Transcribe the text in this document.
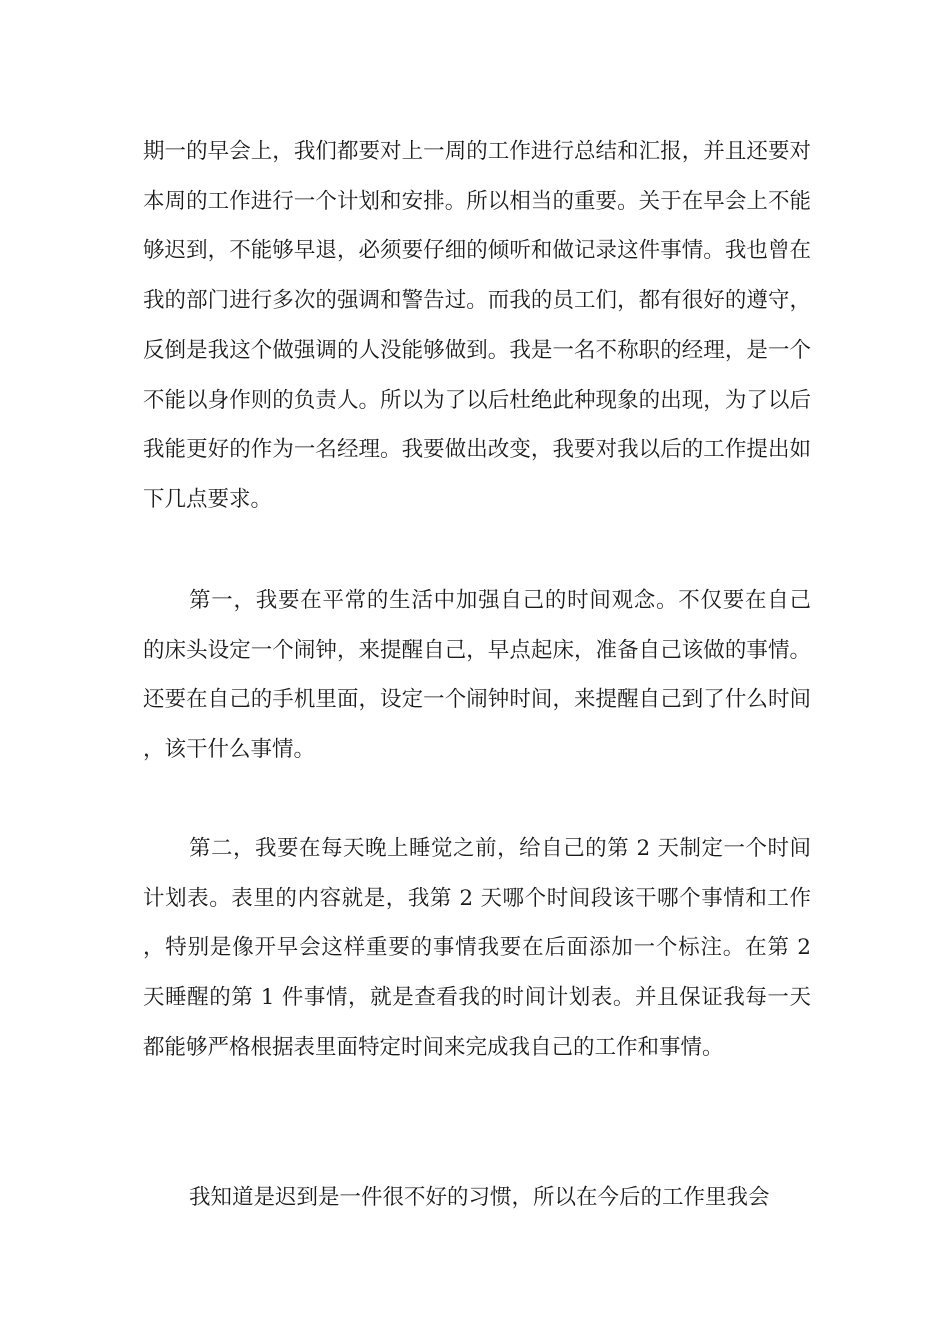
期一的早会上，我们都要对上一周的工作进行总结和汇报，并且还要对本周的工作进行一个计划和安排。所以相当的重要。关于在早会上不能够迟到，不能够早退，必须要仔细的倾听和做记录这件事情。我也曾在我的部门进行多次的强调和警告过。而我的员工们，都有很好的遵守，反倒是我这个做强调的人没能够做到。我是一名不称职的经理，是一个不能以身作则的负责人。所以为了以后杜绝此种现象的出现，为了以后我能更好的作为一名经理。我要做出改变，我要对我以后的工作提出如下几点要求。

第一，我要在平常的生活中加强自己的时间观念。不仅要在自己的床头设定一个闹钟，来提醒自己，早点起床，准备自己该做的事情。还要在自己的手机里面，设定一个闹钟时间，来提醒自己到了什么时间，该干什么事情。

第二，我要在每天晚上睡觉之前，给自己的第 2 天制定一个时间计划表。表里的内容就是，我第 2 天哪个时间段该干哪个事情和工作，特别是像开早会这样重要的事情我要在后面添加一个标注。在第 2 天睡醒的第 1 件事情，就是查看我的时间计划表。并且保证我每一天都能够严格根据表里面特定时间来完成我自己的工作和事情。

我知道是迟到是一件很不好的习惯，所以在今后的工作里我会
